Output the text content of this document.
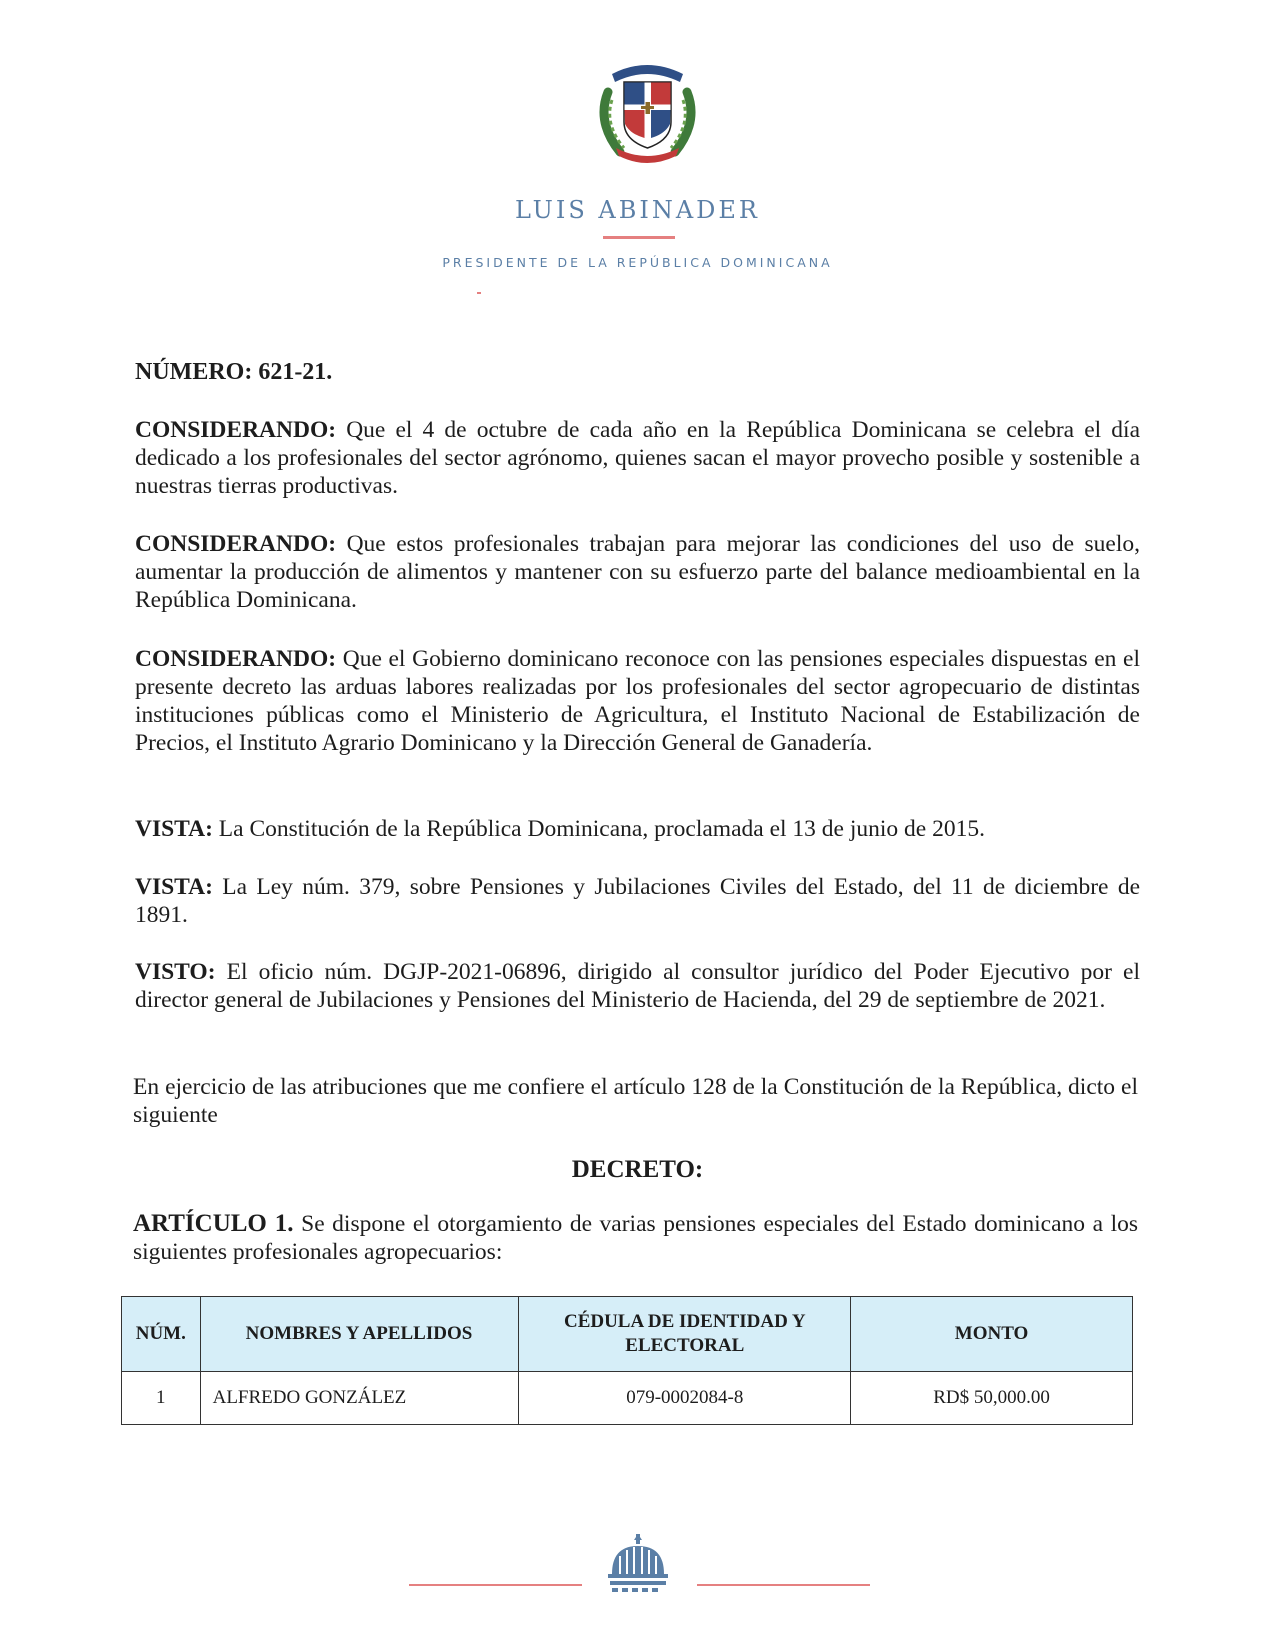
LUIS ABINADER
PRESIDENTE DE LA REPÚBLICA DOMINICANA
NÚMERO: 621-21.
CONSIDERANDO: Que el 4 de octubre de cada año en la República Dominicana se celebra el día dedicado a los profesionales del sector agrónomo, quienes sacan el mayor provecho posible y sostenible a nuestras tierras productivas.
CONSIDERANDO: Que estos profesionales trabajan para mejorar las condiciones del uso de suelo, aumentar la producción de alimentos y mantener con su esfuerzo parte del balance medioambiental en la República Dominicana.
CONSIDERANDO: Que el Gobierno dominicano reconoce con las pensiones especiales dispuestas en el presente decreto las arduas labores realizadas por los profesionales del sector agropecuario de distintas instituciones públicas como el Ministerio de Agricultura, el Instituto Nacional de Estabilización de Precios, el Instituto Agrario Dominicano y la Dirección General de Ganadería.
VISTA: La Constitución de la República Dominicana, proclamada el 13 de junio de 2015.
VISTA: La Ley núm. 379, sobre Pensiones y Jubilaciones Civiles del Estado, del 11 de diciembre de 1891.
VISTO: El oficio núm. DGJP-2021-06896, dirigido al consultor jurídico del Poder Ejecutivo por el director general de Jubilaciones y Pensiones del Ministerio de Hacienda, del 29 de septiembre de 2021.
En ejercicio de las atribuciones que me confiere el artículo 128 de la Constitución de la República, dicto el siguiente
DECRETO:
ARTÍCULO 1. Se dispone el otorgamiento de varias pensiones especiales del Estado dominicano a los siguientes profesionales agropecuarios:
NÚM.	NOMBRES Y APELLIDOS	CÉDULA DE IDENTIDAD Y ELECTORAL	MONTO
1	ALFREDO GONZÁLEZ	079-0002084-8	RD$ 50,000.00
